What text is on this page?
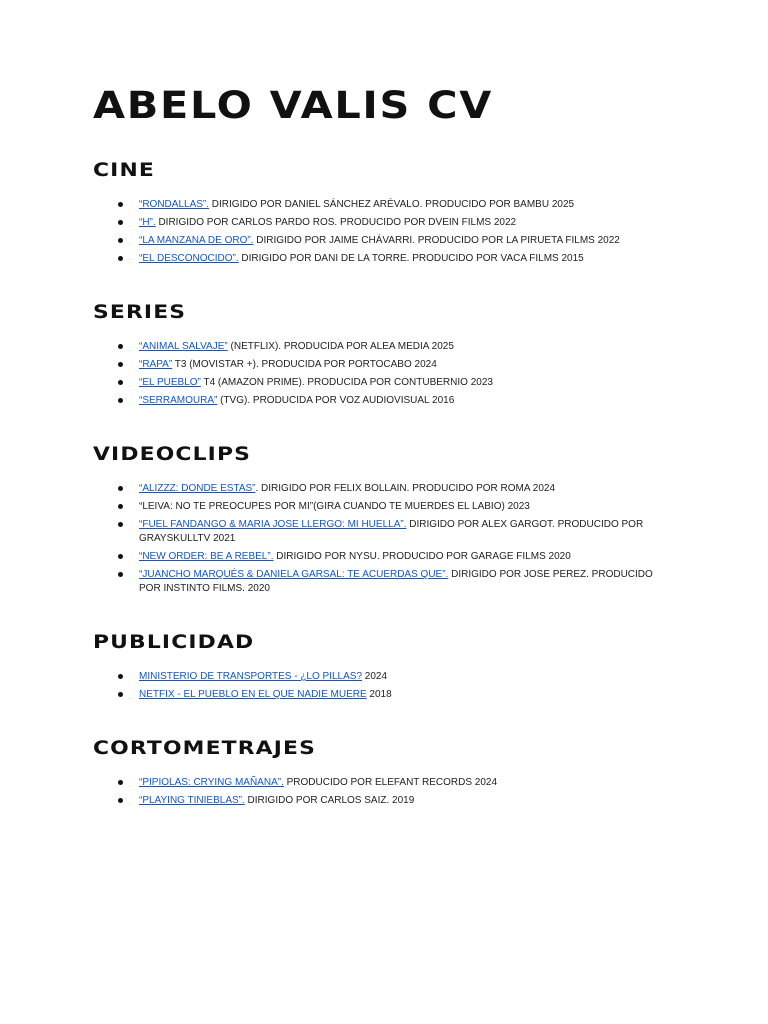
ABELO VALIS CV
CINE
“RONDALLAS”. DIRIGIDO POR DANIEL SÁNCHEZ ARÉVALO. PRODUCIDO POR BAMBU 2025
“H”. DIRIGIDO POR CARLOS PARDO ROS. PRODUCIDO POR DVEIN FILMS 2022
“LA MANZANA DE ORO”. DIRIGIDO POR JAIME CHÁVARRI. PRODUCIDO POR LA PIRUETA FILMS 2022
“EL DESCONOCIDO”. DIRIGIDO POR DANI DE LA TORRE. PRODUCIDO POR VACA FILMS 2015
SERIES
“ANIMAL SALVAJE” (NETFLIX). PRODUCIDA POR ALEA MEDIA 2025
“RAPA” T3 (MOVISTAR +). PRODUCIDA POR PORTOCABO 2024
“EL PUEBLO” T4 (AMAZON PRIME). PRODUCIDA POR CONTUBERNIO 2023
“SERRAMOURA” (TVG). PRODUCIDA POR VOZ AUDIOVISUAL 2016
VIDEOCLIPS
“ALIZZZ: DONDE ESTAS”. DIRIGIDO POR FELIX BOLLAIN. PRODUCIDO POR ROMA 2024
“LEIVA: NO TE PREOCUPES POR MI”(GIRA CUANDO TE MUERDES EL LABIO) 2023
“FUEL FANDANGO & MARIA JOSE LLERGO: MI HUELLA”. DIRIGIDO POR ALEX GARGOT. PRODUCIDO POR GRAYSKULLTV 2021
“NEW ORDER: BE A REBEL”. DIRIGIDO POR NYSU. PRODUCIDO POR GARAGE FILMS 2020
“JUANCHO MARQUÉS & DANIELA GARSAL: TE ACUERDAS QUE”. DIRIGIDO POR JOSE PEREZ. PRODUCIDO POR INSTINTO FILMS. 2020
PUBLICIDAD
MINISTERIO DE TRANSPORTES - ¿LO PILLAS? 2024
NETFIX - EL PUEBLO EN EL QUE NADIE MUERE 2018
CORTOMETRAJES
“PIPIOLAS: CRYING MAÑANA”. PRODUCIDO POR ELEFANT RECORDS 2024
“PLAYING TINIEBLAS”. DIRIGIDO POR CARLOS SAIZ. 2019
